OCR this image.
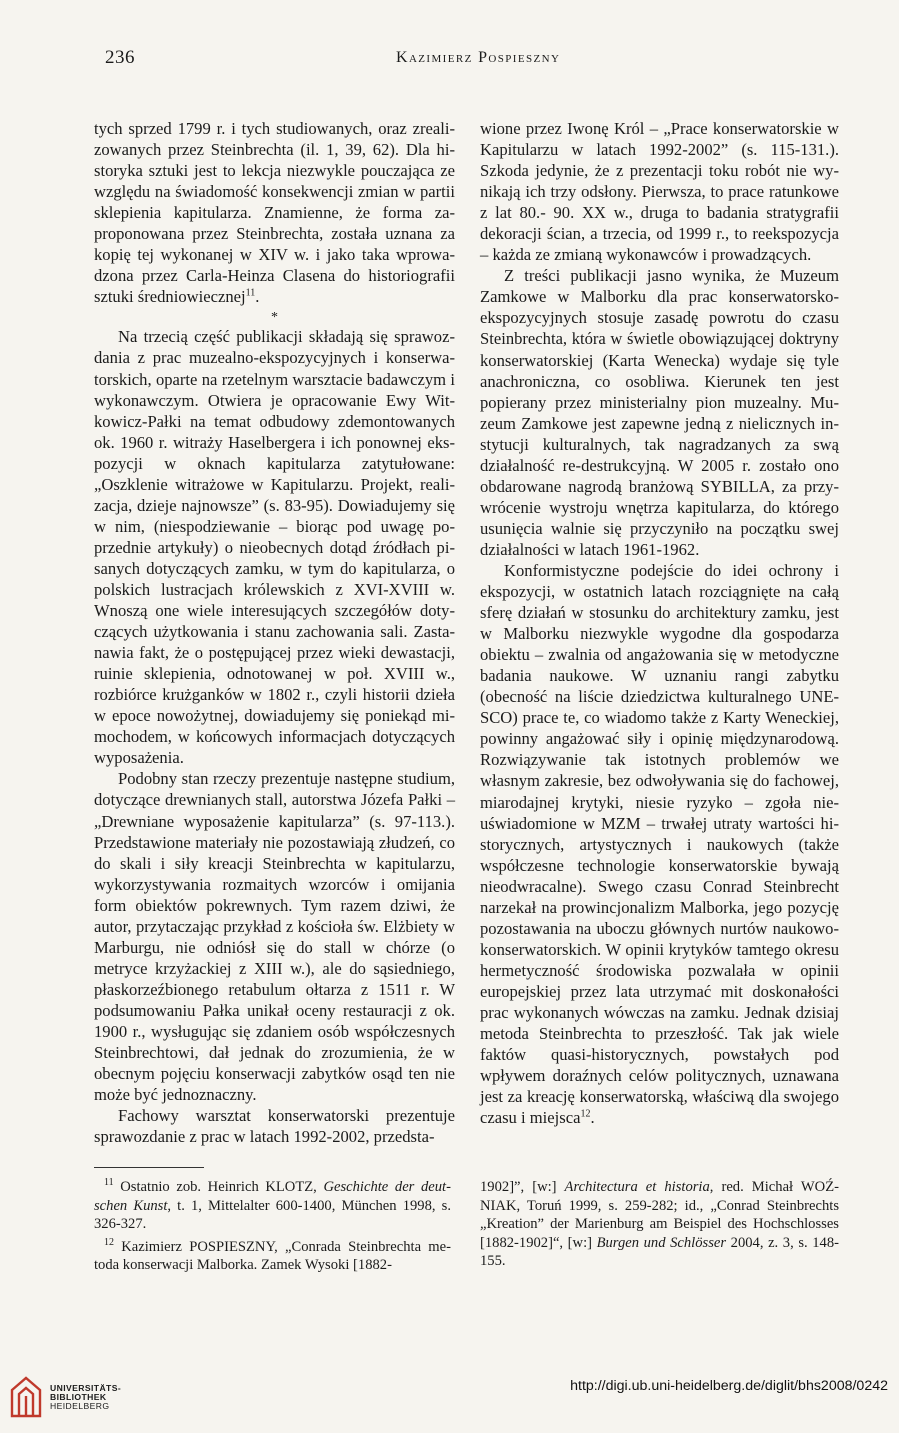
236	Kazimierz Pospieszny

tych sprzed 1799 r. i tych studiowanych, oraz zrealizowanych przez Steinbrechta (il. 1, 39, 62). Dla historyka sztuki jest to lekcja niezwykle pouczająca ze względu na świadomość konsekwencji zmian w partii sklepienia kapitularza. Znamienne, że forma zaproponowana przez Steinbrechta, została uznana za kopię tej wykonanej w XIV w. i jako taka wprowadzona przez Carla-Heinza Clasena do historiografii sztuki średniowiecznej$^{11}$.

*

Na trzecią część publikacji składają się sprawozdania z prac muzealno-ekspozycyjnych i konserwatorskich, oparte na rzetelnym warsztacie badawczym i wykonawczym. Otwiera je opracowanie Ewy Witkowicz-Pałki na temat odbudowy zdemontowanych ok. 1960 r. witraży Haselbergera i ich ponownej ekspozycji w oknach kapitularza zatytułowane: „Oszklenie witrażowe w Kapitularzu. Projekt, realizacja, dzieje najnowsze” (s. 83-95). Dowiadujemy się w nim, (niespodziewanie – biorąc pod uwagę poprzednie artykuły) o nieobecnych dotąd źródłach pisanych dotyczących zamku, w tym do kapitularza, o polskich lustracjach królewskich z XVI-XVIII w. Wnoszą one wiele interesujących szczegółów dotyczących użytkowania i stanu zachowania sali. Zastanawia fakt, że o postępującej przez wieki dewastacji, ruinie sklepienia, odnotowanej w poł. XVIII w., rozbiórce krużganków w 1802 r., czyli historii dzieła w epoce nowożytnej, dowiadujemy się poniekąd mimochodem, w końcowych informacjach dotyczących wyposażenia.

Podobny stan rzeczy prezentuje następne studium, dotyczące drewnianych stall, autorstwa Józefa Pałki – „Drewniane wyposażenie kapitularza” (s. 97-113.). Przedstawione materiały nie pozostawiają złudzeń, co do skali i siły kreacji Steinbrechta w kapitularzu, wykorzystywania rozmaitych wzorców i omijania form obiektów pokrewnych. Tym razem dziwi, że autor, przytaczając przykład z kościoła św. Elżbiety w Marburgu, nie odniósł się do stall w chórze (o metryce krzyżackiej z XIII w.), ale do sąsiedniego, płaskorzeźbionego retabulum ołtarza z 1511 r. W podsumowaniu Pałka unikał oceny restauracji z ok. 1900 r., wysługując się zdaniem osób współczesnych Steinbrechtowi, dał jednak do zrozumienia, że w obecnym pojęciu konserwacji zabytków osąd ten nie może być jednoznaczny.

Fachowy warsztat konserwatorski prezentuje sprawozdanie z prac w latach 1992-2002, przedsta-

wione przez Iwonę Król – „Prace konserwatorskie w Kapitularzu w latach 1992-2002” (s. 115-131.). Szkoda jedynie, że z prezentacji toku robót nie wynikają ich trzy odsłony. Pierwsza, to prace ratunkowe z lat 80.- 90. XX w., druga to badania stratygrafii dekoracji ścian, a trzecia, od 1999 r., to reekspozycja – każda ze zmianą wykonawców i prowadzących.

Z treści publikacji jasno wynika, że Muzeum Zamkowe w Malborku dla prac konserwatorsko-ekspozycyjnych stosuje zasadę powrotu do czasu Steinbrechta, która w świetle obowiązującej doktryny konserwatorskiej (Karta Wenecka) wydaje się tyle anachroniczna, co osobliwa. Kierunek ten jest popierany przez ministerialny pion muzealny. Muzeum Zamkowe jest zapewne jedną z nielicznych instytucji kulturalnych, tak nagradzanych za swą działalność re-destrukcyjną. W 2005 r. zostało ono obdarowane nagrodą branżową SYBILLA, za przywrócenie wystroju wnętrza kapitularza, do którego usunięcia walnie się przyczyniło na początku swej działalności w latach 1961-1962.

Konformistyczne podejście do idei ochrony i ekspozycji, w ostatnich latach rozciągnięte na całą sferę działań w stosunku do architektury zamku, jest w Malborku niezwykle wygodne dla gospodarza obiektu – zwalnia od angażowania się w metodyczne badania naukowe. W uznaniu rangi zabytku (obecność na liście dziedzictwa kulturalnego UNESCO) prace te, co wiadomo także z Karty Weneckiej, powinny angażować siły i opinię międzynarodową. Rozwiązywanie tak istotnych problemów we własnym zakresie, bez odwoływania się do fachowej, miarodajnej krytyki, niesie ryzyko – zgoła nieuświadomione w MZM – trwałej utraty wartości historycznych, artystycznych i naukowych (także współczesne technologie konserwatorskie bywają nieodwracalne). Swego czasu Conrad Steinbrecht narzekał na prowincjonalizm Malborka, jego pozycję pozostawania na uboczu głównych nurtów naukowo-konserwatorskich. W opinii krytyków tamtego okresu hermetyczność środowiska pozwalała w opinii europejskiej przez lata utrzymać mit doskonałości prac wykonanych wówczas na zamku. Jednak dzisiaj metoda Steinbrechta to przeszłość. Tak jak wiele faktów quasi-historycznych, powstałych pod wpływem doraźnych celów politycznych, uznawana jest za kreację konserwatorską, właściwą dla swojego czasu i miejsca$^{12}$.

$^{11}$ Ostatnio zob. Heinrich KLOTZ, Geschichte der deutschen Kunst, t. 1, Mittelalter 600-1400, München 1998, s. 326-327.

$^{12}$ Kazimierz POSPIESZNY, „Conrada Steinbrechta metoda konserwacji Malborka. Zamek Wysoki [1882-

1902]”, [w:] Architectura et historia, red. Michał WOŹNIAK, Toruń 1999, s. 259-282; id., „Conrad Steinbrechts „Kreation” der Marienburg am Beispiel des Hochschlosses [1882-1902]“, [w:] Burgen und Schlösser 2004, z. 3, s. 148-155.

UNIVERSITÄTS-
BIBLIOTHEK
HEIDELBERG
http://digi.ub.uni-heidelberg.de/diglit/bhs2008/0242
